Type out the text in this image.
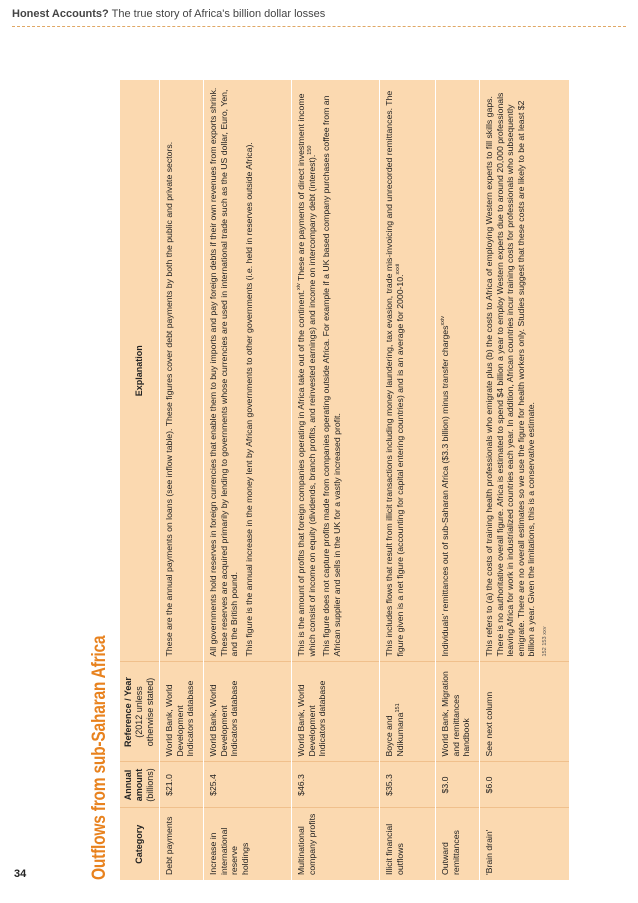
Honest Accounts? The true story of Africa's billion dollar losses
Outflows from sub-Saharan Africa	Category	Annual
amount
(billions)	Reference / Year
(2012 unless
otherwise stated)	Explanation
Debt payments	$21.0	World Bank, World Development Indicators database	These are the annual payments on loans (see inflow table). These figures cover debt payments by both the public and private sectors.

Increase in international reserve holdings	$25.4	World Bank, World Development Indicators database	All governments hold reserves in foreign currencies that enable them to buy imports and pay foreign debts if their own revenues from exports shrink. These reserves are acquired primarily by lending to governments whose currencies are used in international trade such as the US dollar, Euro, Yen, and the British pound. This figure is the annual increase in the money lent by African governments to other governments (i.e. held in reserves outside Africa).

Multinational company profits	$46.3	World Bank, World Development Indicators database	This is the amount of profits that foreign companies operating in Africa take out of the continent.$^{xiv}$ These are payments of direct investment income which consist of income on equity (dividends, branch profits, and reinvested earnings) and income on intercompany debt (interest).$^{150}$ This figure does not capture profits made from companies operating outside Africa. For example if a UK based company purchases coffee from an African supplier and sells in the UK for a vastly increased profit.

Illicit financial outflows	$35.3	Boyce and Ndikumana$^{151}$	This includes flows that result from illicit transactions including money laundering, tax evasion, trade mis-invoicing and unrecorded remittances. The figure given is a net figure (accounting for capital entering countries) and is an average for 2000-10.$^{xxxii}$

Outward remittances	$3.0	World Bank, Migration and remittances handbook	Individuals' remittances out of sub-Saharan Africa ($3.3 billion) minus transfer charges$^{xxiv}$

'Brain drain'	$6.0	See next column	This refers to (a) the costs of training health professionals who emigrate plus (b) the costs to Africa of employing Western experts to fill skills gaps. There is no authoritative overall figure. Africa is estimated to spend $4 billion a year to employ Western experts due to around 20,000 professionals leaving Africa for work in industrialized countries each year. In addition, African countries incur training costs for professionals who subsequently emigrate. There are no overall estimates so we use the figure for health workers only. Studies suggest that these costs are likely to be at least $2 billion a year. Given the limitations, this is a conservative estimate. $^{152}$ $^{153}$ $^{xxv}$
34
